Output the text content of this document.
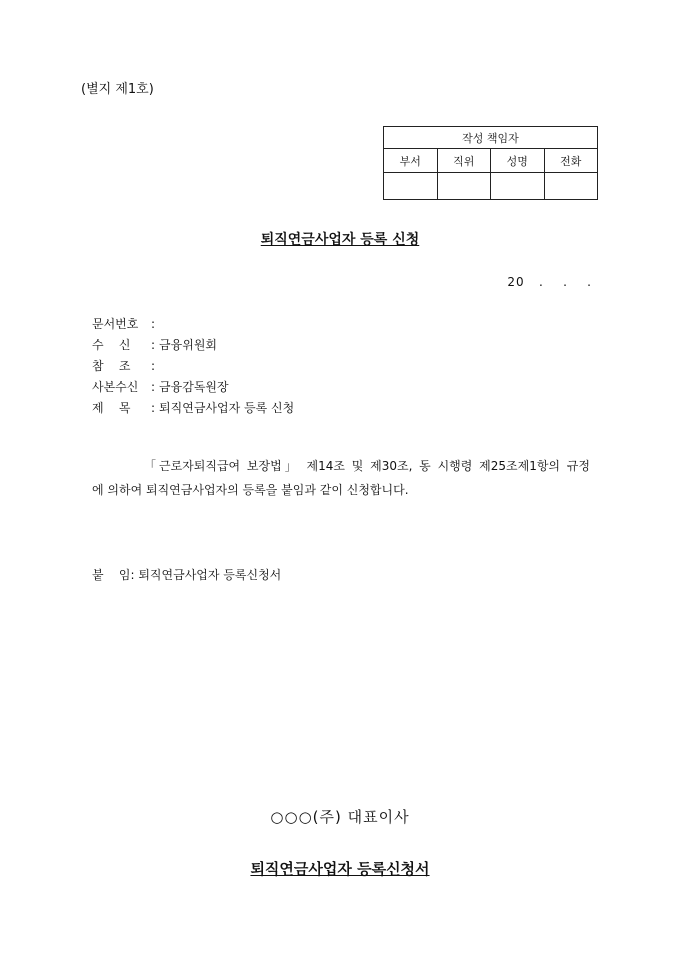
(별지 제1호)
작성 책임자			
부서	직위	성명	전화

퇴직연금사업자 등록 신청
20   .    .    .
문서번호	:
수    신	: 금융위원회
참    조	:
사본수신	: 금융감독원장
제    목	: 퇴직연금사업자 등록 신청
「근로자퇴직급여 보장법」 제14조 및 제30조, 동 시행령 제25조제1항의 규정
에 의하여 퇴직연금사업자의 등록을 붙임과 같이 신청합니다.
붙    임: 퇴직연금사업자 등록신청서
○○○(주) 대표이사
퇴직연금사업자 등록신청서
